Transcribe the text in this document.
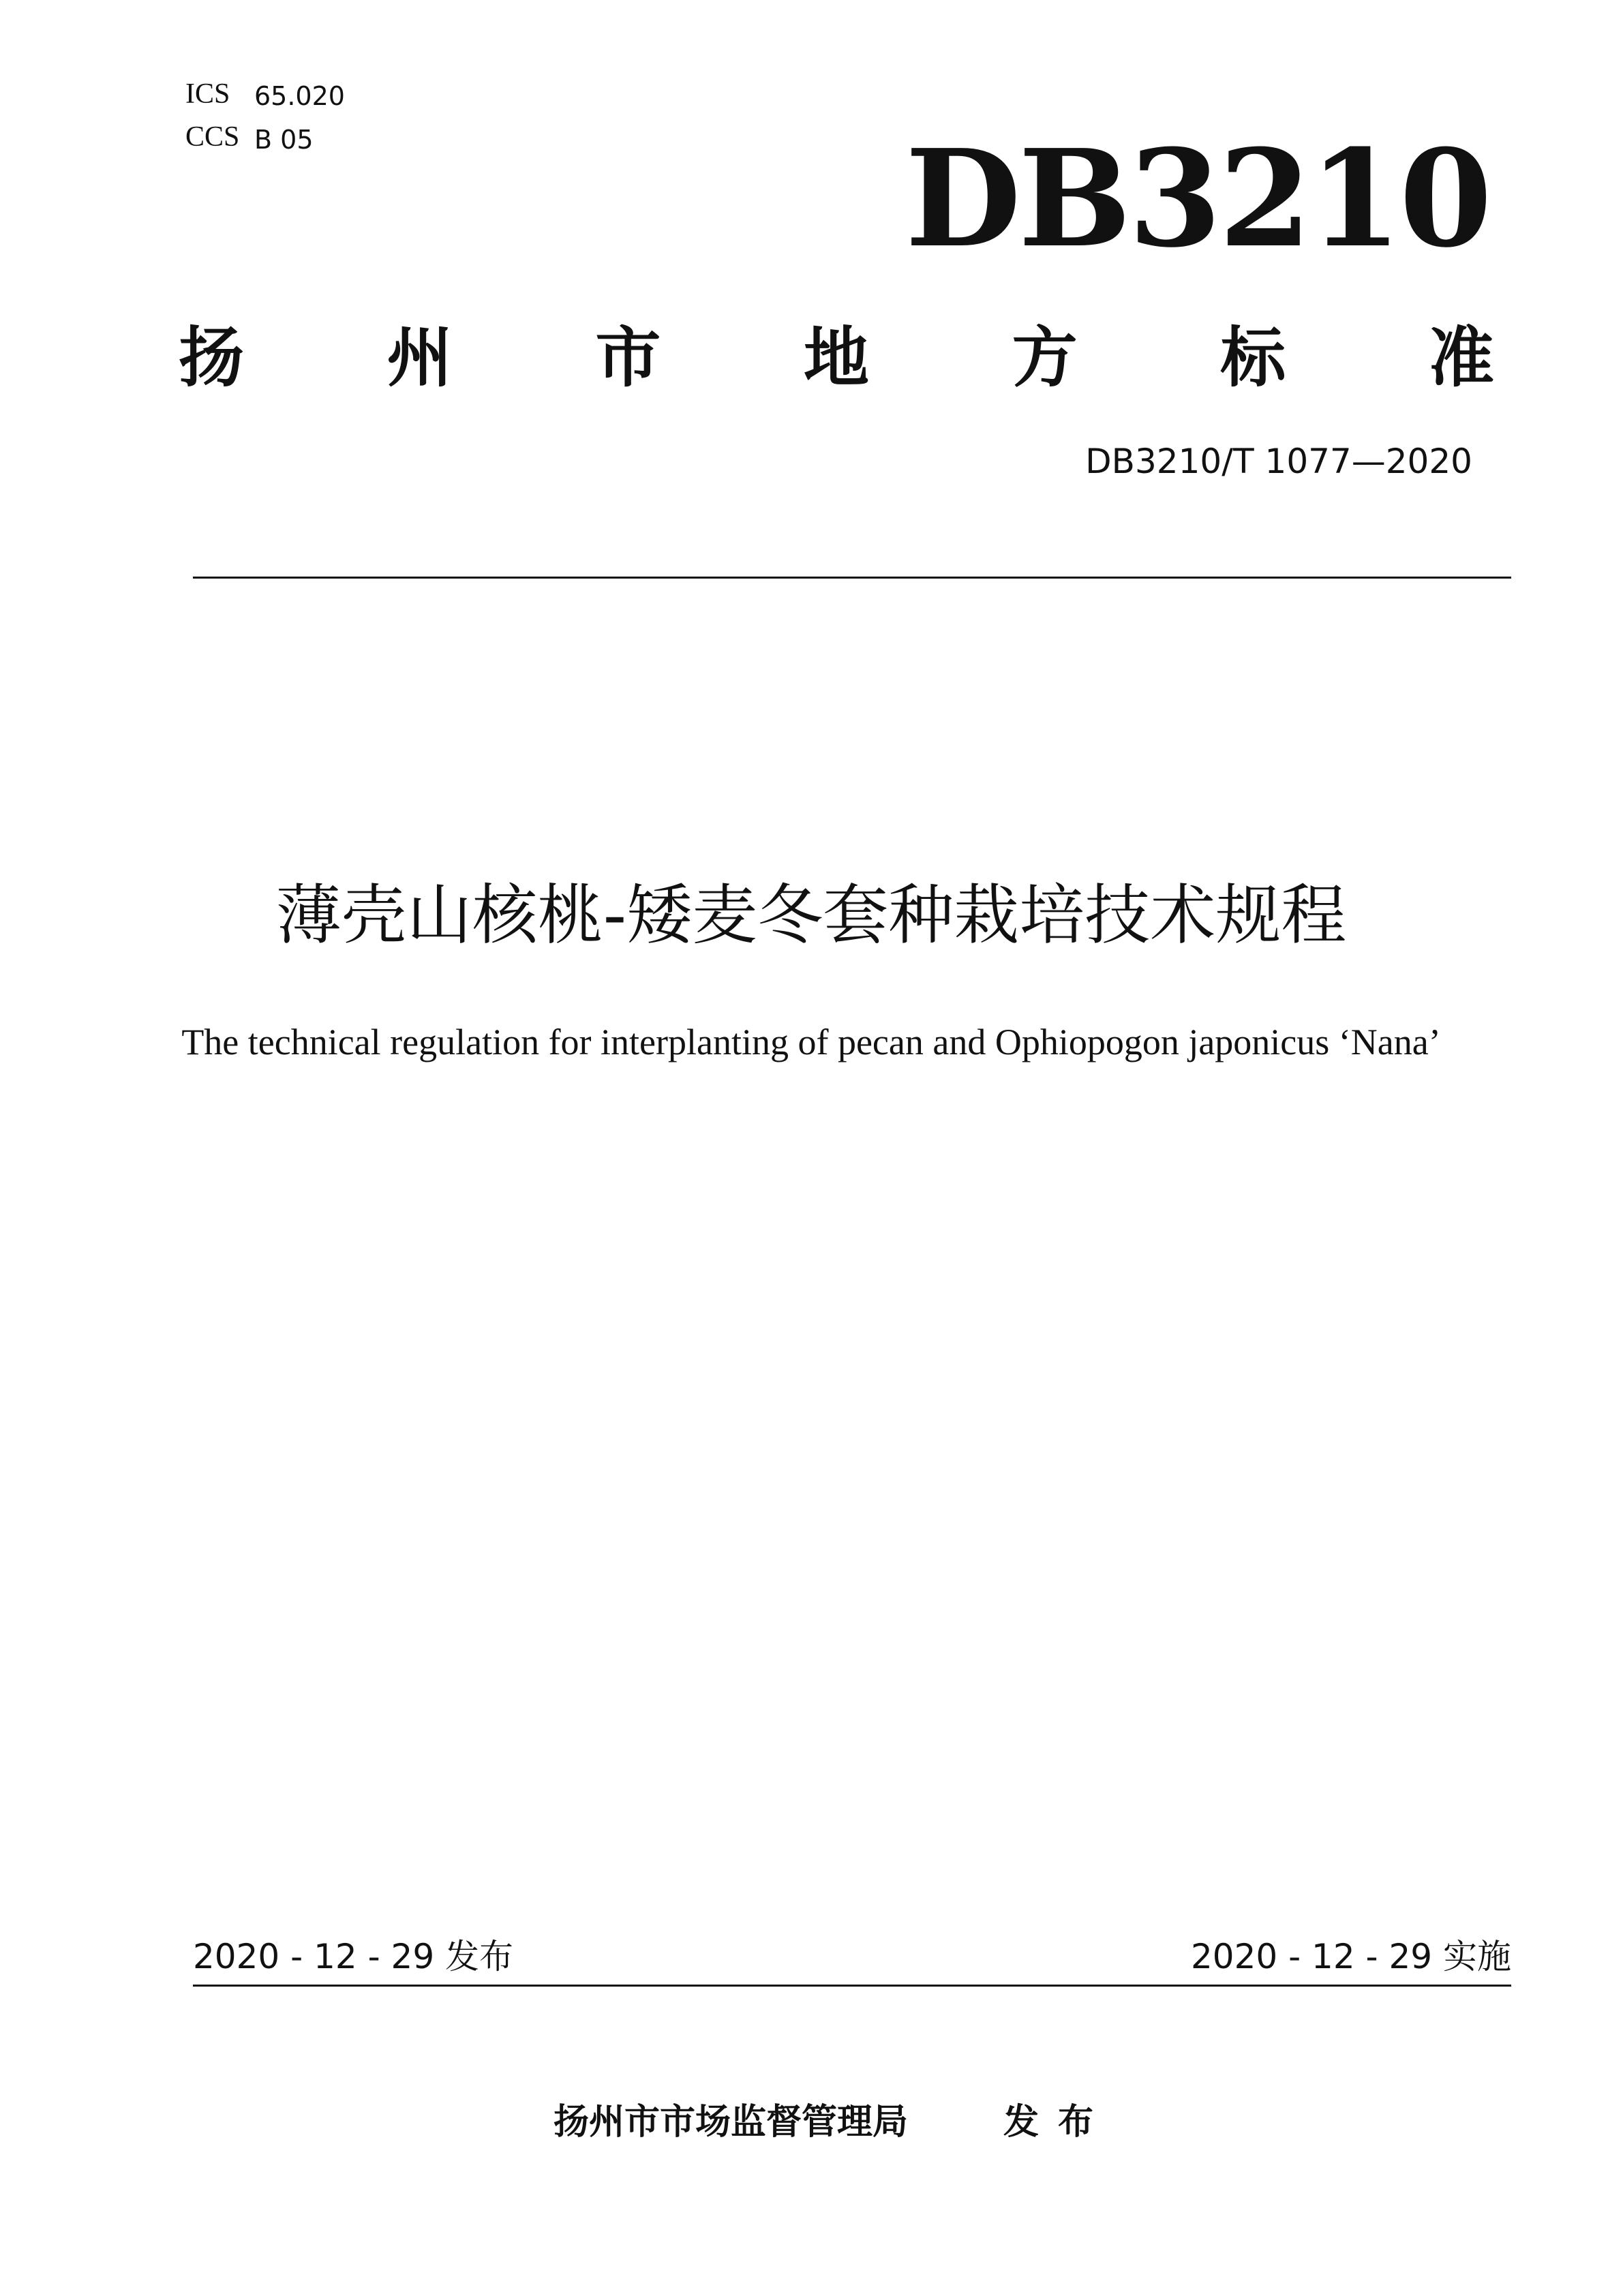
ICS 65.020
CCS B 05	DB3210
扬 州 市 地 方 标 准
DB3210/T 1077—2020
薄壳山核桃-矮麦冬套种栽培技术规程
The technical regulation for interplanting of pecan and Ophiopogon japonicus ‘Nana’
2020 - 12 - 29 发布	2020 - 12 - 29 实施
扬州市市场监督管理局	发布
